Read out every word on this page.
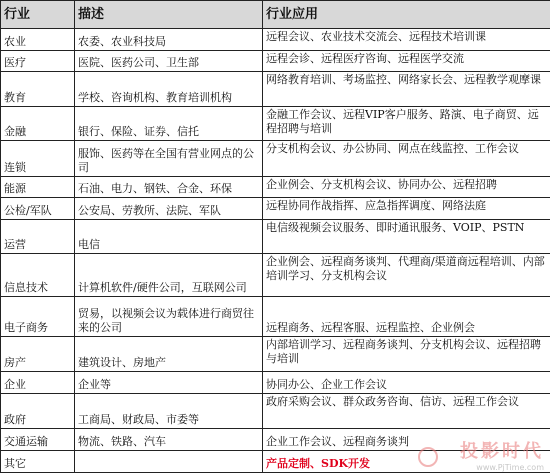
行业	描述	行业应用
农业	农委、农业科技局	远程会议、农业技术交流会、远程技术培训课
医疗	医院、医药公司、卫生部	远程会诊、远程医疗咨询、远程医学交流
教育	学校、咨询机构、教育培训机构	网络教育培训、考场监控、网络家长会、远程教学观摩课
金融	银行、保险、证券、信托	金融工作会议、远程VIP客户服务、路演、电子商贸、远程招聘与培训
连锁	服饰、医药等在全国有营业网点的公司	分支机构会议、办公协同、网点在线监控、工作会议
能源	石油、电力、钢铁、合金、环保	企业例会、分支机构会议、协同办公、远程招聘
公检/军队	公安局、劳教所、法院、军队	远程协同作战指挥、应急指挥调度、网络法庭
运营	电信	电信级视频会议服务、即时通讯服务、VOIP、PSTN
信息技术	计算机软件/硬件公司，互联网公司	企业例会、远程商务谈判、代理商/渠道商远程培训、内部培训学习、分支机构会议
电子商务	贸易，以视频会议为载体进行商贸往来的公司	远程商务、远程客服、远程监控、企业例会
房产	建筑设计、房地产	内部培训学习、远程商务谈判、分支机构会议、远程招聘与培训
企业	企业等	协同办公、企业工作会议
政府	工商局、财政局、市委等	政府采购会议、群众政务咨询、信访、远程工作会议
交通运输	物流、铁路、汽车	企业工作会议、远程商务谈判
其它		产品定制、SDK开发
投影时代
www.PjTime.com
